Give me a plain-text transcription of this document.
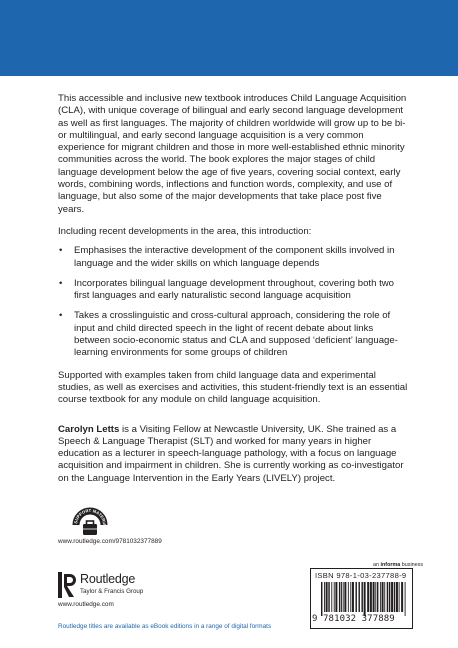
This accessible and inclusive new textbook introduces Child Language Acquisition (CLA), with unique coverage of bilingual and early second language development as well as first languages. The majority of children worldwide will grow up to be bi- or multilingual, and early second language acquisition is a very common experience for migrant children and those in more well-established ethnic minority communities across the world. The book explores the major stages of child language development below the age of five years, covering social context, early words, combining words, inflections and function words, complexity, and use of language, but also some of the major developments that take place post five years.

Including recent developments in the area, this introduction:

• Emphasises the interactive development of the component skills involved in language and the wider skills on which language depends
• Incorporates bilingual language development throughout, covering both two first languages and early naturalistic second language acquisition
• Takes a crosslinguistic and cross-cultural approach, considering the role of input and child directed speech in the light of recent debate about links between socio-economic status and CLA and supposed ‘deficient’ language-learning environments for some groups of children

Supported with examples taken from child language data and experimental studies, as well as exercises and activities, this student-friendly text is an essential course textbook for any module on child language acquisition.

Carolyn Letts is a Visiting Fellow at Newcastle University, UK. She trained as a Speech & Language Therapist (SLT) and worked for many years in higher education as a lecturer in speech-language pathology, with a focus on language acquisition and impairment in children. She is currently working as co-investigator on the Language Intervention in the Early Years (LIVELY) project.

SUPPORT MATERIA
www.routledge.com/9781032377889
Routledge
Taylor & Francis Group
www.routledge.com
Routledge titles are available as eBook editions in a range of digital formats
an informa business
ISBN 978-1-03-237788-9
9 781032 377889
